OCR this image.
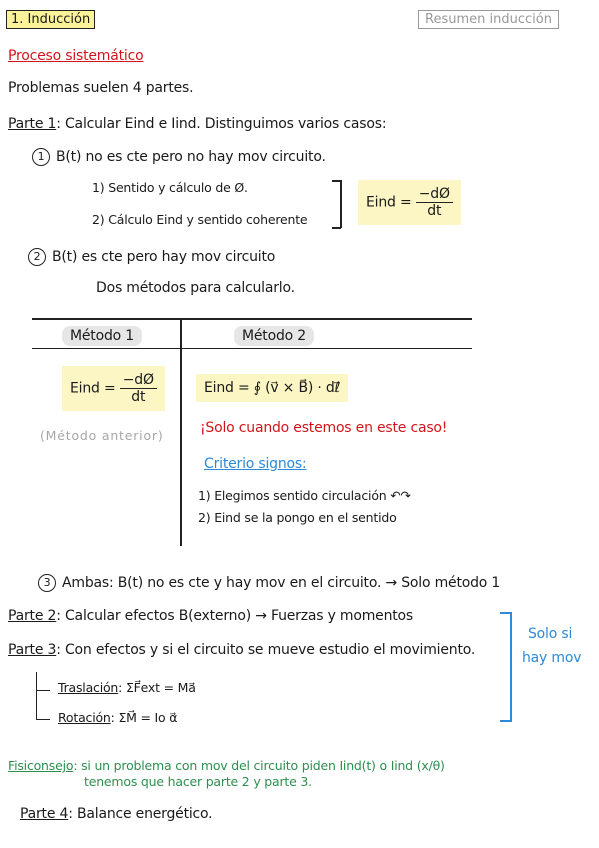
1. Inducción	Resumen inducción
Proceso sistemático
Problemas suelen 4 partes.
Parte 1: Calcular Eind e Iind. Distinguimos varios casos:
1 B(t) no es cte pero no hay mov circuito.
1) Sentido y cálculo de Ø.
2) Cálculo Eind y sentido coherente
Eind = $\frac{-dØ}{dt}$
2 B(t) es cte pero hay mov circuito
Dos métodos para calcularlo.
Método 1	Método 2
Eind = $\frac{-dØ}{dt}$
(Método anterior)
Eind = ∮ (v⃗ × B⃗) · dℓ⃗
¡Solo cuando estemos en este caso!
Criterio signos:
1) Elegimos sentido circulación ↶↷
2) Eind se la pongo en el sentido
3 Ambas: B(t) no es cte y hay mov en el circuito. → Solo método 1
Parte 2: Calcular efectos B(externo) → Fuerzas y momentos
Parte 3: Con efectos y si el circuito se mueve estudio el movimiento.
Solo si
hay mov
Traslación: ΣF⃗ext = Ma⃗
Rotación: ΣM⃗ = Io α⃗
Fisiconsejo: si un problema con mov del circuito piden Iind(t) o Iind (x/θ)
tenemos que hacer parte 2 y parte 3.
Parte 4: Balance energético.
